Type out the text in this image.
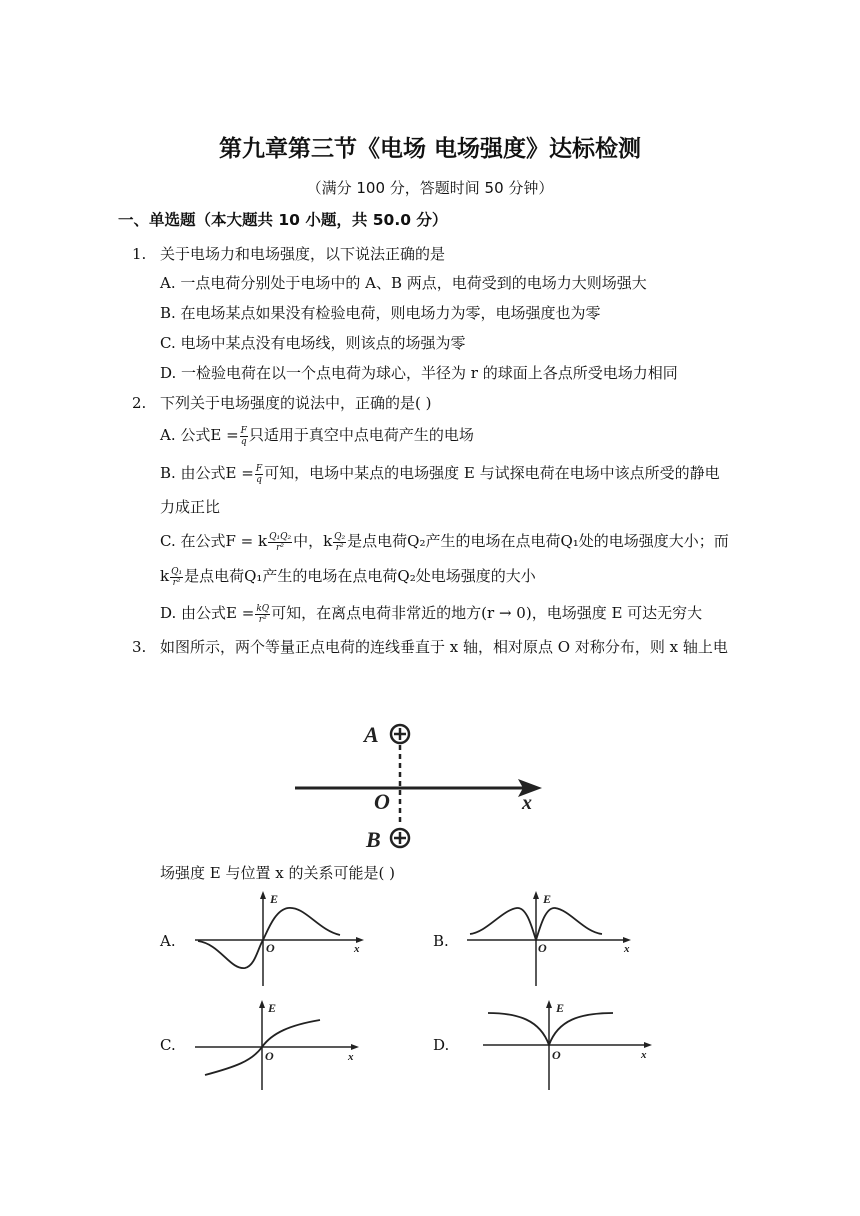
第九章第三节《电场 电场强度》达标检测
（满分 100 分，答题时间 50 分钟）
一、单选题（本大题共 10 小题，共 50.0 分）
1. 关于电场力和电场强度，以下说法正确的是
A. 一点电荷分别处于电场中的 A、B 两点，电荷受到的电场力大则场强大
B. 在电场某点如果没有检验电荷，则电场力为零，电场强度也为零
C. 电场中某点没有电场线，则该点的场强为零
D. 一检验电荷在以一个点电荷为球心，半径为 r 的球面上各点所受电场力相同
2. 下列关于电场强度的说法中，正确的是( )
A. 公式$E = \frac{F}{q}$ 只适用于真空中点电荷产生的电场
B. 由公式$E = \frac{F}{q}$ 可知，电场中某点的电场强度 E 与试探电荷在电场中该点所受的静电
力成正比
C. 在公式F = k $\frac{\text{Q₁Q₂}}{\text{r²}}$ 中，k $\frac{\text{Q₂}}{\text{r²}}$ 是点电荷Q₂产生的电场在点电荷Q₁处的电场强度大小；而
k $\frac{\text{Q₁}}{\text{r²}}$ 是点电荷Q₁产生的电场在点电荷Q₂处电场强度的大小
D. 由公式$E = \frac{kQ}{\text{r²}}$ 可知，在离点电荷非常近的地方(r → 0)，电场强度 E 可达无穷大
3. 如图所示，两个等量正点电荷的连线垂直于 x 轴，相对原点 O 对称分布，则 x 轴上电
A
B
O	x
场强度 E 与位置 x 的关系可能是( )
A.	B.
C.	D.
E
O	x
E
O	x
E
O	x
E
O	x
